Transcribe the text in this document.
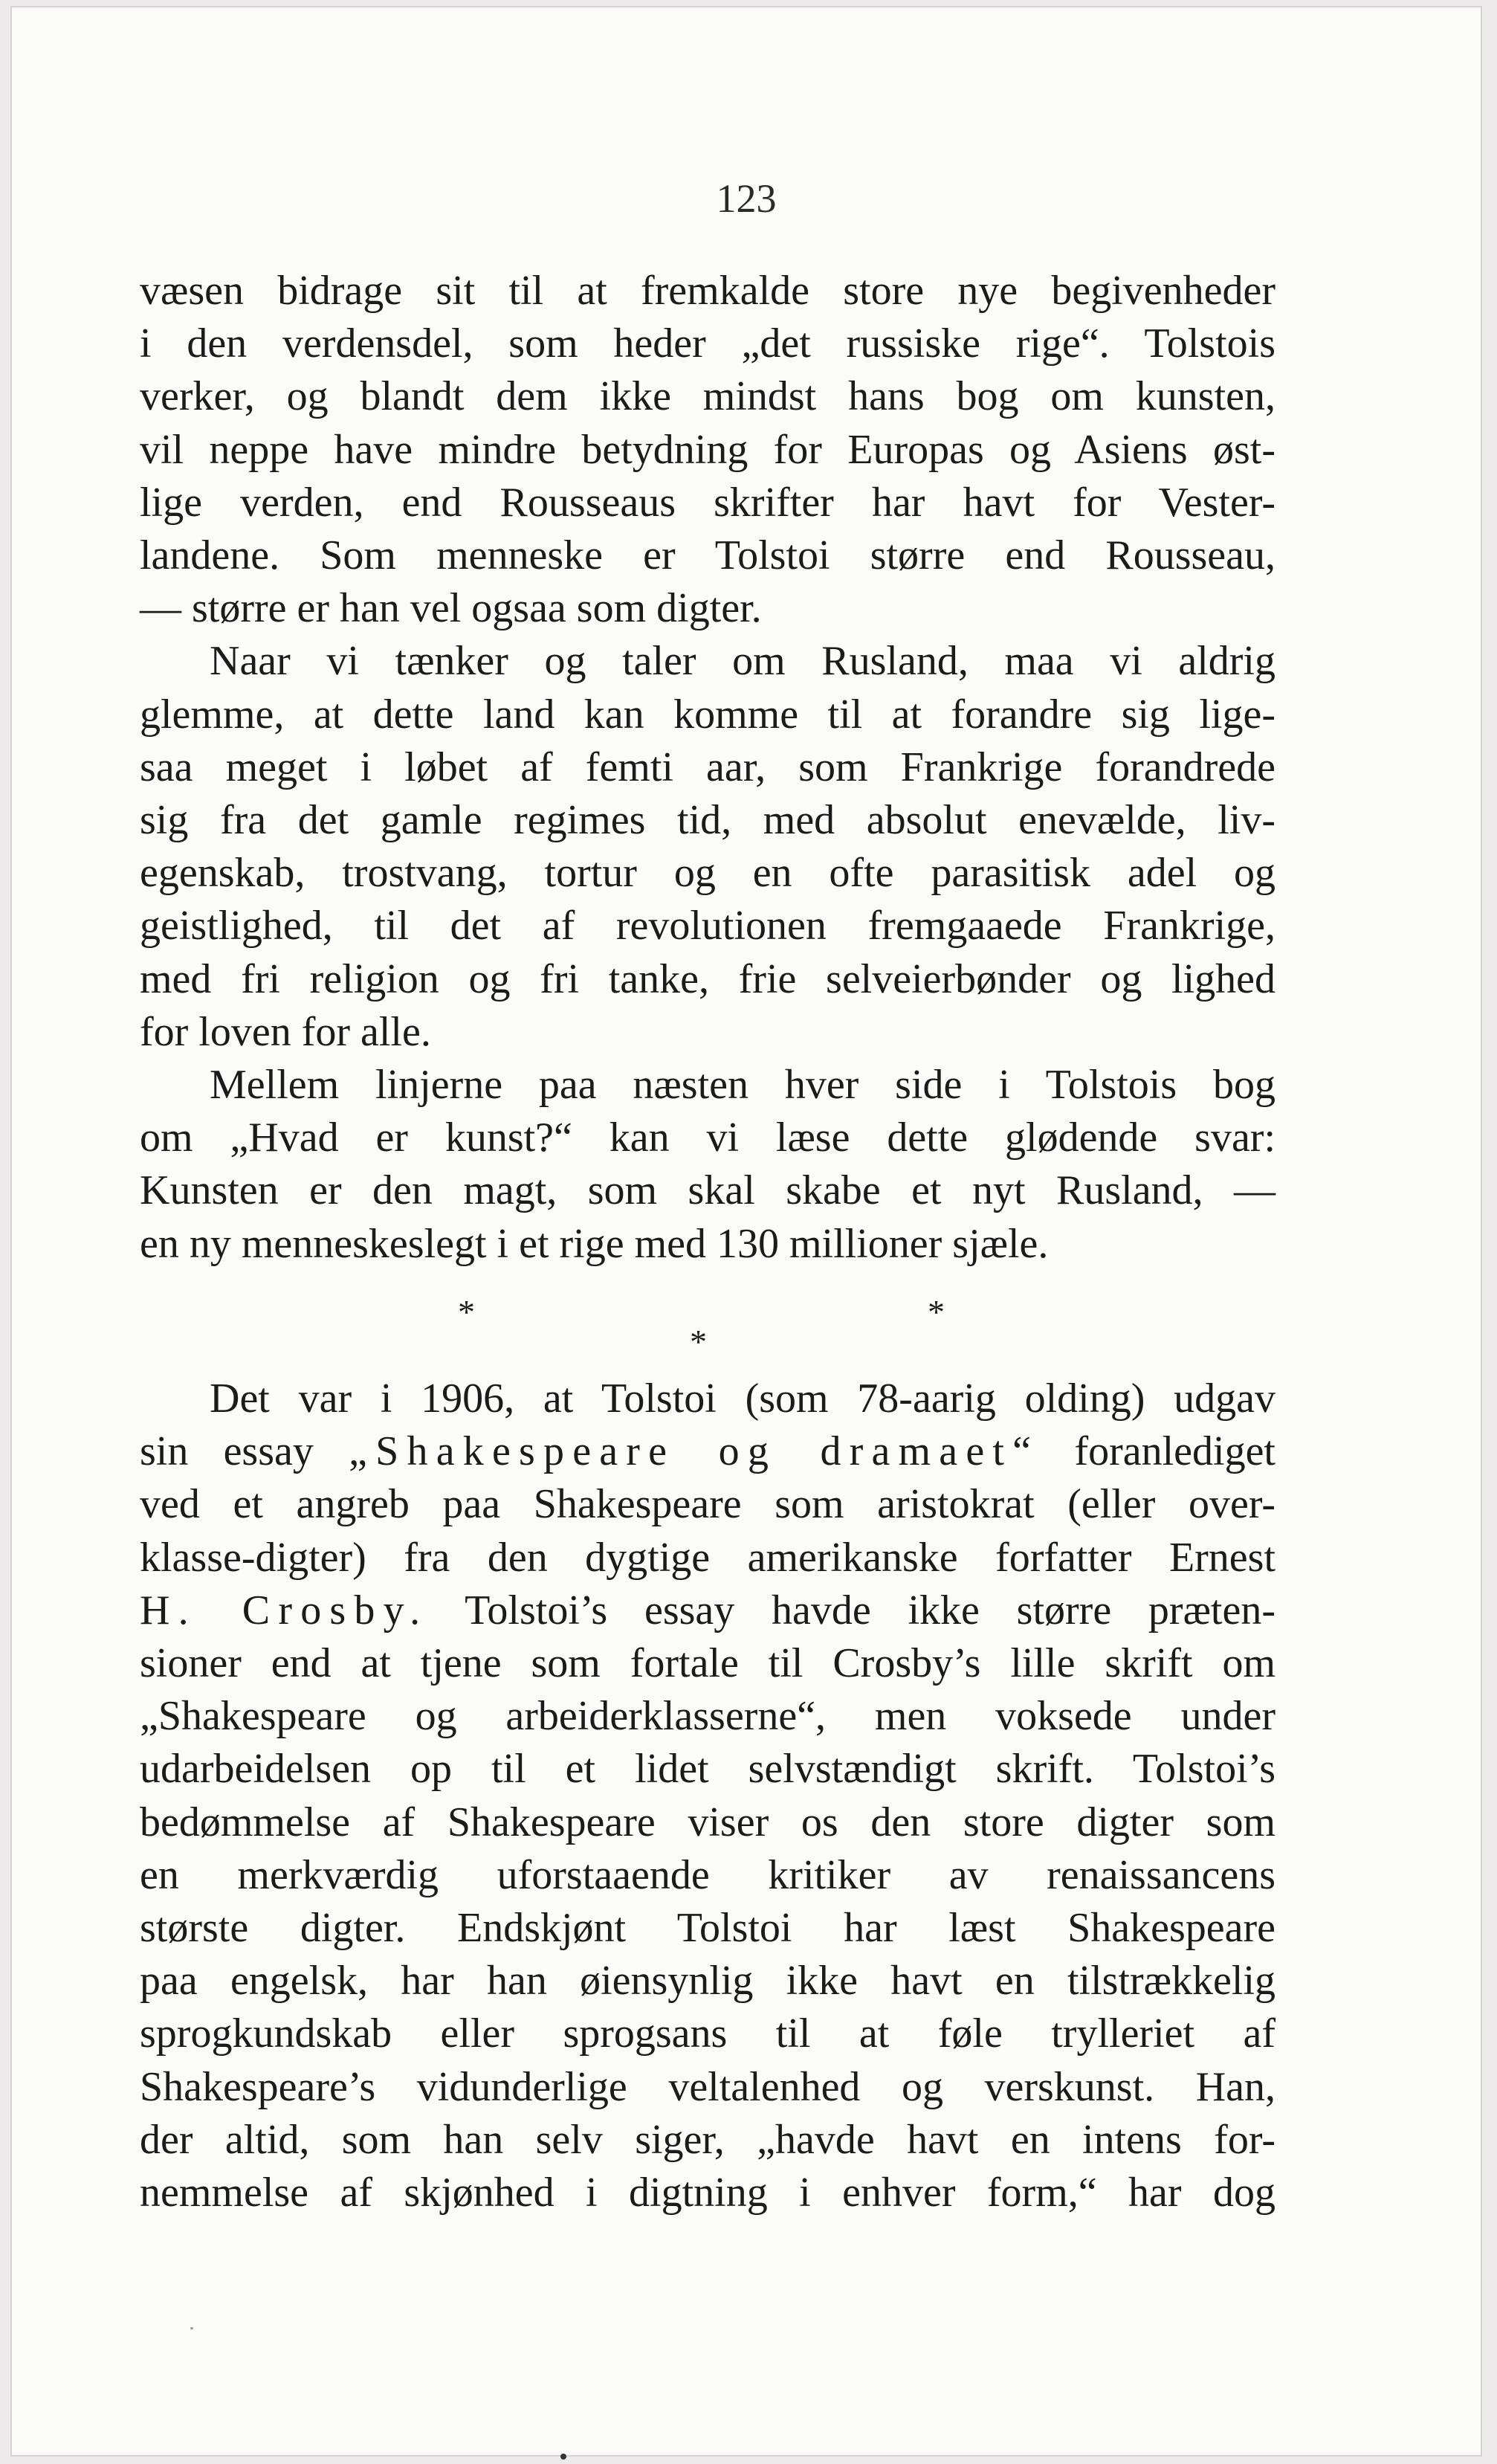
123
væsen bidrage sit til at fremkalde store nye begivenheder
i den verdensdel, som heder „det russiske rige“. Tolstois
verker, og blandt dem ikke mindst hans bog om kunsten,
vil neppe have mindre betydning for Europas og Asiens øst-
lige verden, end Rousseaus skrifter har havt for Vester-
landene. Som menneske er Tolstoi større end Rousseau,
— større er han vel ogsaa som digter.
Naar vi tænker og taler om Rusland, maa vi aldrig
glemme, at dette land kan komme til at forandre sig lige-
saa meget i løbet af femti aar, som Frankrige forandrede
sig fra det gamle regimes tid, med absolut enevælde, liv-
egenskab, trostvang, tortur og en ofte parasitisk adel og
geistlighed, til det af revolutionen fremgaaede Frankrige,
med fri religion og fri tanke, frie selveierbønder og lighed
for loven for alle.
Mellem linjerne paa næsten hver side i Tolstois bog
om „Hvad er kunst?“ kan vi læse dette glødende svar:
Kunsten er den magt, som skal skabe et nyt Rusland, —
en ny menneskeslegt i et rige med 130 millioner sjæle.
*	*
*
Det var i 1906, at Tolstoi (som 78-aarig olding) udgav
sin essay „Shakespeare og dramaet“ foranlediget
ved et angreb paa Shakespeare som aristokrat (eller over-
klasse-digter) fra den dygtige amerikanske forfatter Ernest
H. Crosby. Tolstoi’s essay havde ikke større præten-
sioner end at tjene som fortale til Crosby’s lille skrift om
„Shakespeare og arbeiderklasserne“, men voksede under
udarbeidelsen op til et lidet selvstændigt skrift. Tolstoi’s
bedømmelse af Shakespeare viser os den store digter som
en merkværdig uforstaaende kritiker av renaissancens
største digter. Endskjønt Tolstoi har læst Shakespeare
paa engelsk, har han øiensynlig ikke havt en tilstrækkelig
sprogkundskab eller sprogsans til at føle trylleriet af
Shakespeare’s vidunderlige veltalenhed og verskunst. Han,
der altid, som han selv siger, „havde havt en intens for-
nemmelse af skjønhed i digtning i enhver form,“ har dog
